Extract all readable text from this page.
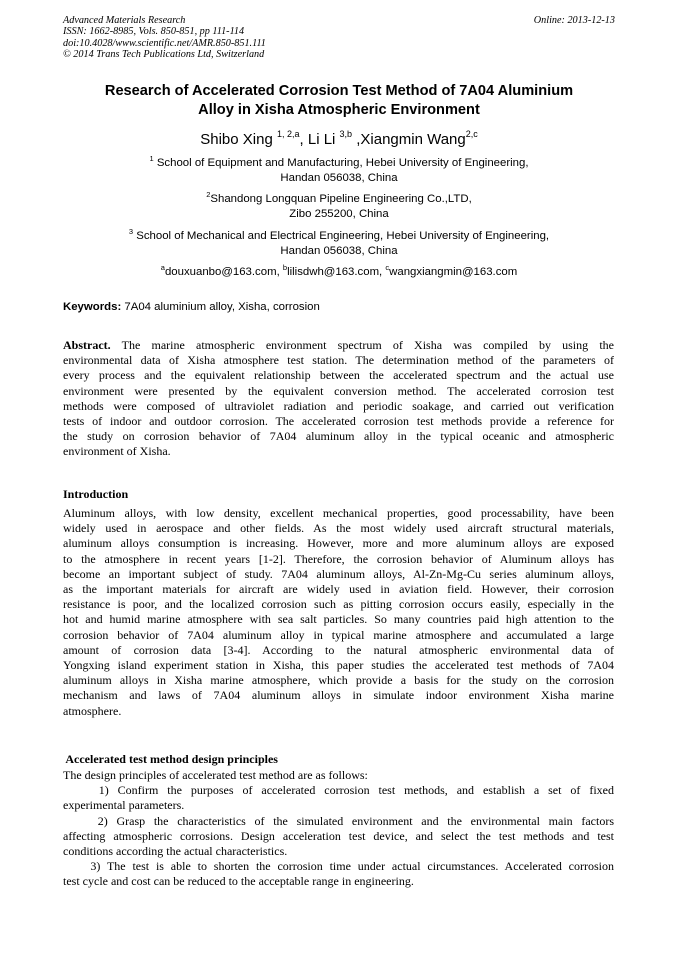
Advanced Materials Research
ISSN: 1662-8985, Vols. 850-851, pp 111-114
doi:10.4028/www.scientific.net/AMR.850-851.111
© 2014 Trans Tech Publications Ltd, Switzerland
Online: 2013-12-13
Research of Accelerated Corrosion Test Method of 7A04 Aluminium
Alloy in Xisha Atmospheric Environment
Shibo Xing $^{1, 2,a}$, Li Li $^{3,b}$ ,Xiangmin Wang$^{2,c}$
$^1$ School of Equipment and Manufacturing, Hebei University of Engineering,
Handan 056038, China
$^2$Shandong Longquan Pipeline Engineering Co.,LTD,
Zibo 255200, China
$^3$ School of Mechanical and Electrical Engineering, Hebei University of Engineering,
Handan 056038, China
$^a$douxuanbo@163.com, $^b$lilisdwh@163.com, $^c$wangxiangmin@163.com
Keywords: 7A04 aluminium alloy, Xisha, corrosion
Abstract. The marine atmospheric environment spectrum of Xisha was compiled by using the
environmental data of Xisha atmosphere test station. The determination method of the parameters of
every process and the equivalent relationship between the accelerated spectrum and the actual use
environment were presented by the equivalent conversion method. The accelerated corrosion test
methods were composed of ultraviolet radiation and periodic soakage, and carried out verification
tests of indoor and outdoor corrosion. The accelerated corrosion test methods provide a reference for
the study on corrosion behavior of 7A04 aluminum alloy in the typical oceanic and atmospheric
environment of Xisha.
Introduction
Aluminum alloys, with low density, excellent mechanical properties, good processability, have been
widely used in aerospace and other fields. As the most widely used aircraft structural materials,
aluminum alloys consumption is increasing. However, more and more aluminum alloys are exposed
to the atmosphere in recent years [1-2]. Therefore, the corrosion behavior of Aluminum alloys has
become an important subject of study. 7A04 aluminum alloys, Al-Zn-Mg-Cu series aluminum alloys,
as the important materials for aircraft are widely used in aviation field. However, their corrosion
resistance is poor, and the localized corrosion such as pitting corrosion occurs easily, especially in the
hot and humid marine atmosphere with sea salt particles. So many countries paid high attention to the
corrosion behavior of 7A04 aluminum alloy in typical marine atmosphere and accumulated a large
amount of corrosion data [3-4]. According to the natural atmospheric environmental data of
Yongxing island experiment station in Xisha, this paper studies the accelerated test methods of 7A04
aluminum alloys in Xisha marine atmosphere, which provide a basis for the study on the corrosion
mechanism and laws of 7A04 aluminum alloys in simulate indoor environment Xisha marine
atmosphere.
Accelerated test method design principles
The design principles of accelerated test method are as follows:
1) Confirm the purposes of accelerated corrosion test methods, and establish a set of fixed
experimental parameters.
2) Grasp the characteristics of the simulated environment and the environmental main factors
affecting atmospheric corrosions. Design acceleration test device, and select the test methods and test
conditions according the actual characteristics.
3) The test is able to shorten the corrosion time under actual circumstances. Accelerated corrosion
test cycle and cost can be reduced to the acceptable range in engineering.
